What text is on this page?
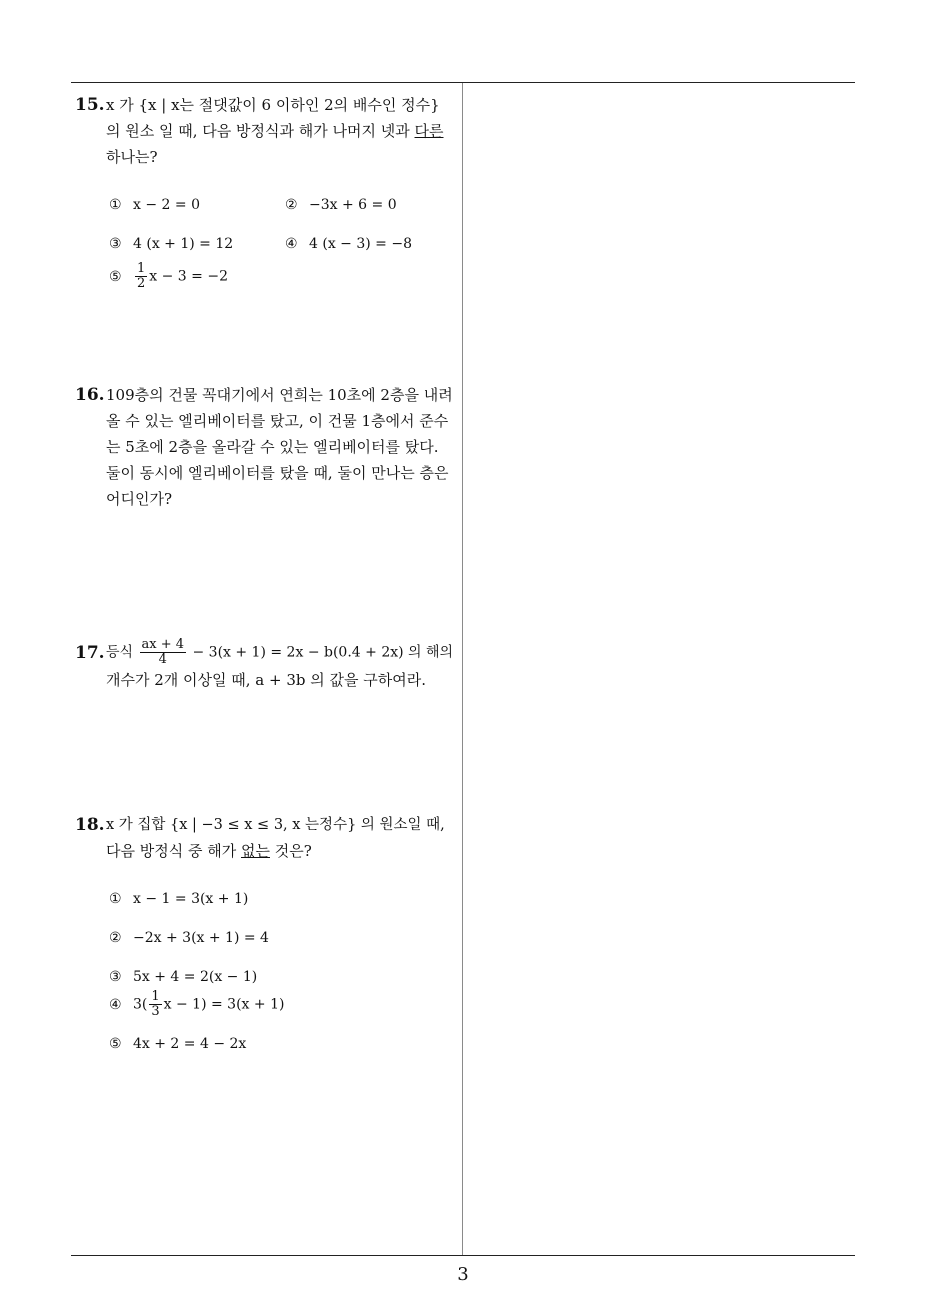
15. x 가 {x | x는 절댓값이 6 이하인 2의 배수인 정수}
의 원소 일 때, 다음 방정식과 해가 나머지 넷과 다른
하나는?
① x − 2 = 0	② −3x + 6 = 0
③ 4 (x + 1) = 12	④ 4 (x − 3) = −8
⑤ $\frac{1}{2}$ x − 3 = −2
16. 109층의 건물 꼭대기에서 연희는 10초에 2층을 내려
올 수 있는 엘리베이터를 탔고, 이 건물 1층에서 준수
는 5초에 2층을 올라갈 수 있는 엘리베이터를 탔다.
둘이 동시에 엘리베이터를 탔을 때, 둘이 만나는 층은
어디인가?
17. 등식 $\frac{ax + 4}{4} - 3(x + 1) = 2x - b(0.4 + 2x)$ 의 해의
개수가 2개 이상일 때, a + 3b 의 값을 구하여라.
18. x 가 집합 {x | −3 ≤ x ≤ 3, x 는정수} 의 원소일 때,
다음 방정식 중 해가 없는 것은?
① x − 1 = 3(x + 1)
② −2x + 3(x + 1) = 4
③ 5x + 4 = 2(x − 1)
④ $3( \frac{1}{3}$ x − 1) = 3(x + 1)
⑤ 4x + 2 = 4 − 2x
3
